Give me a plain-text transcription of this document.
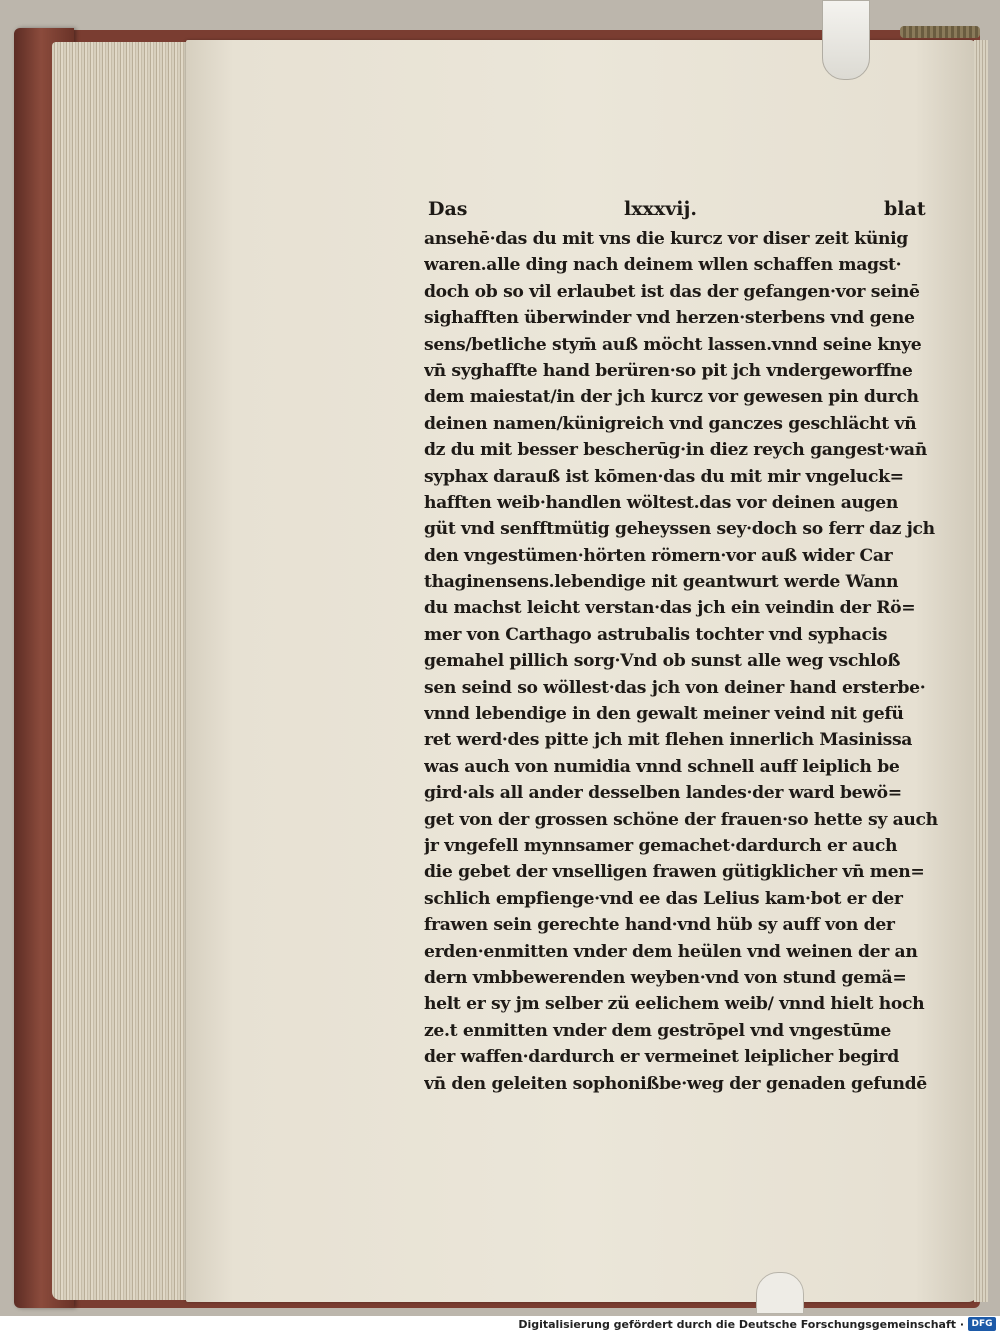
Das	lxxxvij.	blat
ansehē·das du mit vns die kurcz vor diser zeit künig
waren.alle ding nach deinem wllen schaffen magst·
doch ob so vil erlaubet ist das der gefangen·vor seinē
sighafften überwinder vnd herzen·sterbens vnd gene
sens/betliche stym̄ auß möcht lassen.vnnd seine knye
vn̄ syghaffte hand berüren·so pit jch vndergeworffne
dem maiestat/in der jch kurcz vor gewesen pin durch
deinen namen/künigreich vnd ganczes geschlächt vn̄
dz du mit besser bescherūg·in diez reych gangest·wan̄
syphax darauß ist kōmen·das du mit mir vngeluck=
hafften weib·handlen wöltest.das vor deinen augen
güt vnd senfftmütig geheyssen sey·doch so ferr daz jch
den vngestümen·hörten römern·vor auß wider Car
thaginensens.lebendige nit geantwurt werde Wann
du machst leicht verstan·das jch ein veindin der Rö=
mer von Carthago astrubalis tochter vnd syphacis
gemahel pillich sorg·Vnd ob sunst alle weg vschloß
sen seind so wöllest·das jch von deiner hand ersterbe·
vnnd lebendige in den gewalt meiner veind nit gefü
ret werd·des pitte jch mit flehen innerlich Masinissa
was auch von numidia vnnd schnell auff leiplich be
gird·als all ander desselben landes·der ward bewö=
get von der grossen schöne der frauen·so hette sy auch
jr vngefell mynnsamer gemachet·dardurch er auch
die gebet der vnselligen frawen gütigklicher vn̄ men=
schlich empfienge·vnd ee das Lelius kam·bot er der
frawen sein gerechte hand·vnd hüb sy auff von der
erden·enmitten vnder dem heülen vnd weinen der an
dern vmbbewerenden weyben·vnd von stund gemä=
helt er sy jm selber zü eelichem weib/ vnnd hielt hoch
ze.t enmitten vnder dem gestrōpel vnd vngestūme
der waffen·dardurch er vermeinet leiplicher begird
vn̄ den geleiten sophonißbe·weg der genaden gefundē
Digitalisierung gefördert durch die Deutsche Forschungsgemeinschaft · DFG
